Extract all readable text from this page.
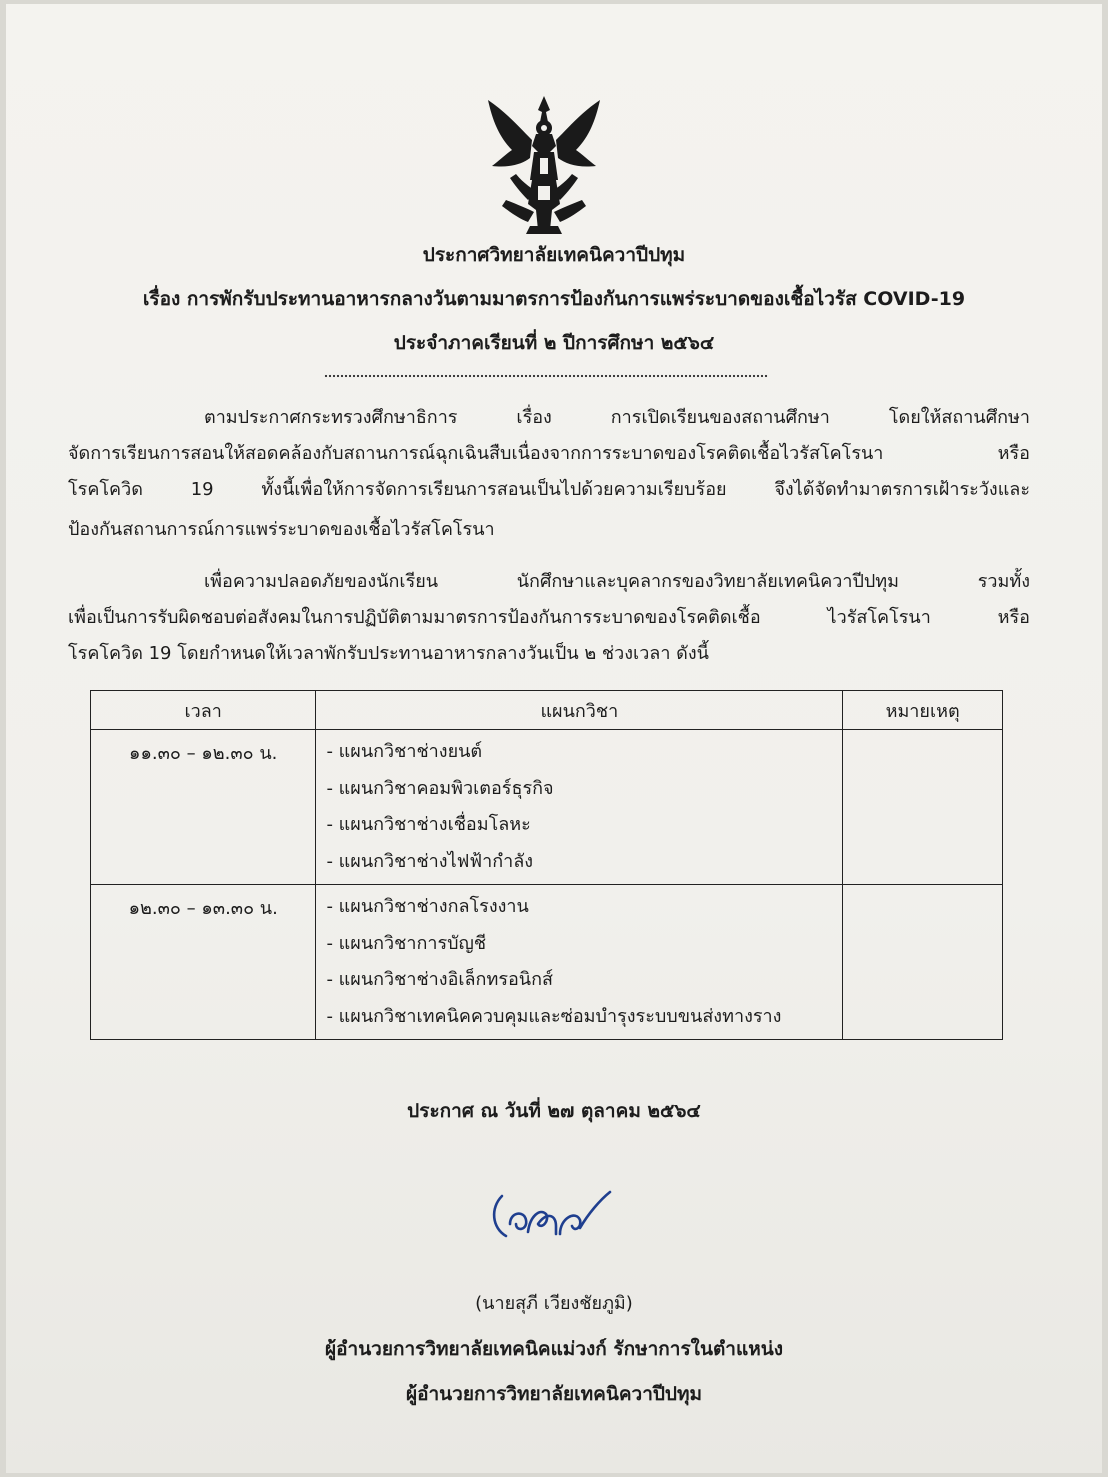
ประกาศวิทยาลัยเทคนิควาปีปทุม
เรื่อง การพักรับประทานอาหารกลางวันตามมาตรการป้องกันการแพร่ระบาดของเชื้อไวรัส COVID-19
ประจำภาคเรียนที่ ๒ ปีการศึกษา ๒๕๖๔
ตามประกาศกระทรวงศึกษาธิการ เรื่อง การเปิดเรียนของสถานศึกษา โดยให้สถานศึกษา
จัดการเรียนการสอนให้สอดคล้องกับสถานการณ์ฉุกเฉินสืบเนื่องจากการระบาดของโรคติดเชื้อไวรัสโคโรนา หรือ
โรคโควิด 19 ทั้งนี้เพื่อให้การจัดการเรียนการสอนเป็นไปด้วยความเรียบร้อย จึงได้จัดทำมาตรการเฝ้าระวังและ
ป้องกันสถานการณ์การแพร่ระบาดของเชื้อไวรัสโคโรนา
เพื่อความปลอดภัยของนักเรียน นักศึกษาและบุคลากรของวิทยาลัยเทคนิควาปีปทุม รวมทั้ง
เพื่อเป็นการรับผิดชอบต่อสังคมในการปฏิบัติตามมาตรการป้องกันการระบาดของโรคติดเชื้อ ไวรัสโคโรนา หรือ
โรคโควิด 19 โดยกำหนดให้เวลาพักรับประทานอาหารกลางวันเป็น ๒ ช่วงเวลา ดังนี้
เวลา	แผนกวิชา	หมายเหตุ
๑๑.๓๐ – ๑๒.๓๐ น.	- แผนกวิชาช่างยนต์
- แผนกวิชาคอมพิวเตอร์ธุรกิจ
- แผนกวิชาช่างเชื่อมโลหะ
- แผนกวิชาช่างไฟฟ้ากำลัง	

๑๒.๓๐ – ๑๓.๓๐ น.	- แผนกวิชาช่างกลโรงงาน
- แผนกวิชาการบัญชี
- แผนกวิชาช่างอิเล็กทรอนิกส์
- แผนกวิชาเทคนิคควบคุมและซ่อมบำรุงระบบขนส่งทางราง	

ประกาศ ณ วันที่ ๒๗ ตุลาคม ๒๕๖๔
(นายสุภี เวียงชัยภูมิ)
ผู้อำนวยการวิทยาลัยเทคนิคแม่วงก์ รักษาการในตำแหน่ง
ผู้อำนวยการวิทยาลัยเทคนิควาปีปทุม
